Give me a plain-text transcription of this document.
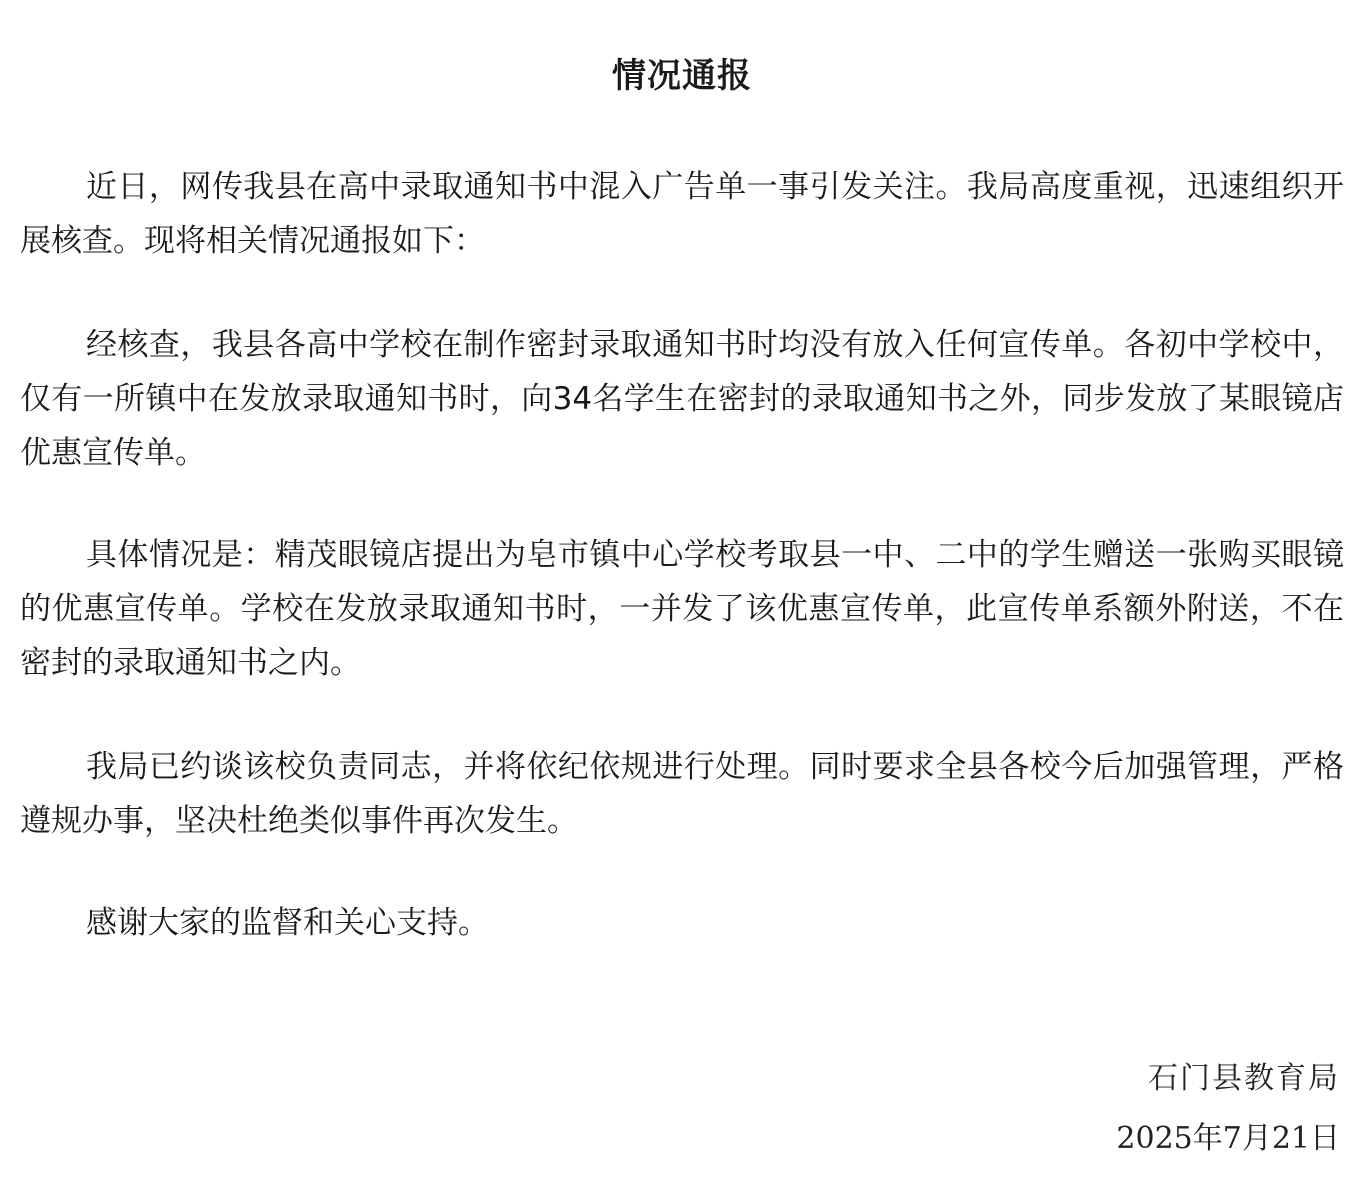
情况通报

近日，网传我县在高中录取通知书中混入广告单一事引发关注。我局高度重视，迅速组织开展核查。现将相关情况通报如下：

经核查，我县各高中学校在制作密封录取通知书时均没有放入任何宣传单。各初中学校中，仅有一所镇中在发放录取通知书时，向34名学生在密封的录取通知书之外，同步发放了某眼镜店优惠宣传单。

具体情况是：精茂眼镜店提出为皂市镇中心学校考取县一中、二中的学生赠送一张购买眼镜的优惠宣传单。学校在发放录取通知书时，一并发了该优惠宣传单，此宣传单系额外附送，不在密封的录取通知书之内。

我局已约谈该校负责同志，并将依纪依规进行处理。同时要求全县各校今后加强管理，严格遵规办事，坚决杜绝类似事件再次发生。

感谢大家的监督和关心支持。

石门县教育局
2025年7月21日
